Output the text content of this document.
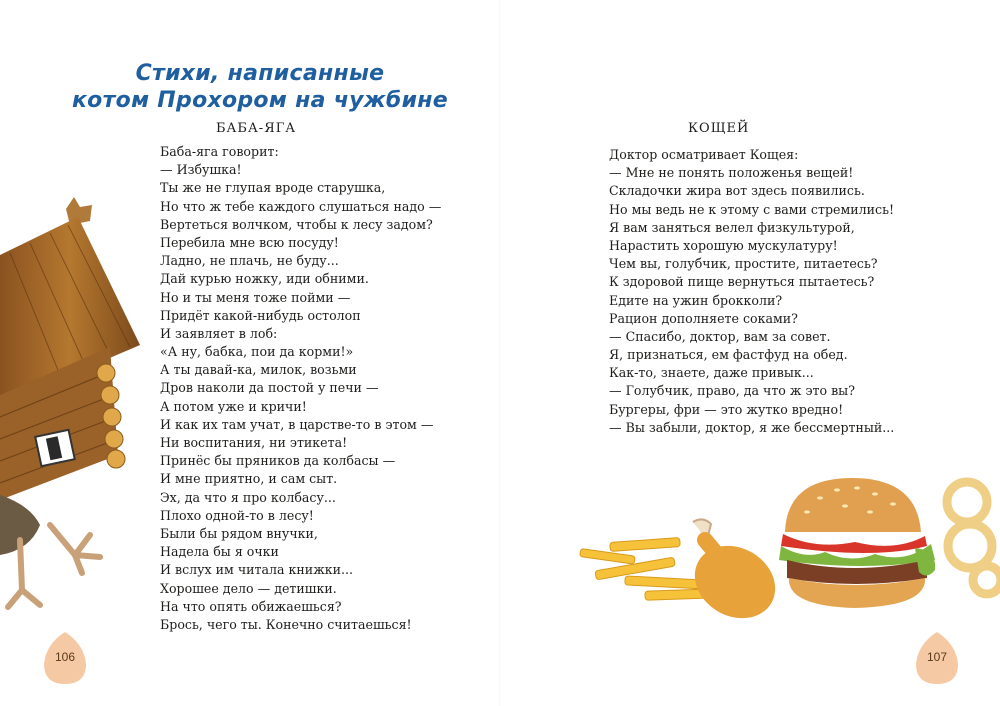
Стихи, написанные
котом Прохором на чужбине
БАБА-ЯГА
Баба-яга говорит:
— Избушка!
Ты же не глупая вроде старушка,
Но что ж тебе каждого слушаться надо —
Вертеться волчком, чтобы к лесу задом?
Перебила мне всю посуду!
Ладно, не плачь, не буду...
Дай курью ножку, иди обними.
Но и ты меня тоже пойми —
Придёт какой-нибудь остолоп
И заявляет в лоб:
«А ну, бабка, пои да корми!»
А ты давай-ка, милок, возьми
Дров наколи да постой у печи —
А потом уже и кричи!
И как их там учат, в царстве-то в этом —
Ни воспитания, ни этикета!
Принёс бы пряников да колбасы —
И мне приятно, и сам сыт.
Эх, да что я про колбасу...
Плохо одной-то в лесу!
Были бы рядом внучки,
Надела бы я очки
И вслух им читала книжки...
Хорошее дело — детишки.
На что опять обижаешься?
Брось, чего ты. Конечно считаешься!
КОЩЕЙ
Доктор осматривает Кощея:
— Мне не понять положенья вещей!
Складочки жира вот здесь появились.
Но мы ведь не к этому с вами стремились!
Я вам заняться велел физкультурой,
Нарастить хорошую мускулатуру!
Чем вы, голубчик, простите, питаетесь?
К здоровой пище вернуться пытаетесь?
Едите на ужин брокколи?
Рацион дополняете соками?
— Спасибо, доктор, вам за совет.
Я, признаться, ем фастфуд на обед.
Как-то, знаете, даже привык...
— Голубчик, право, да что ж это вы?
Бургеры, фри — это жутко вредно!
— Вы забыли, доктор, я же бессмертный...
106	107
